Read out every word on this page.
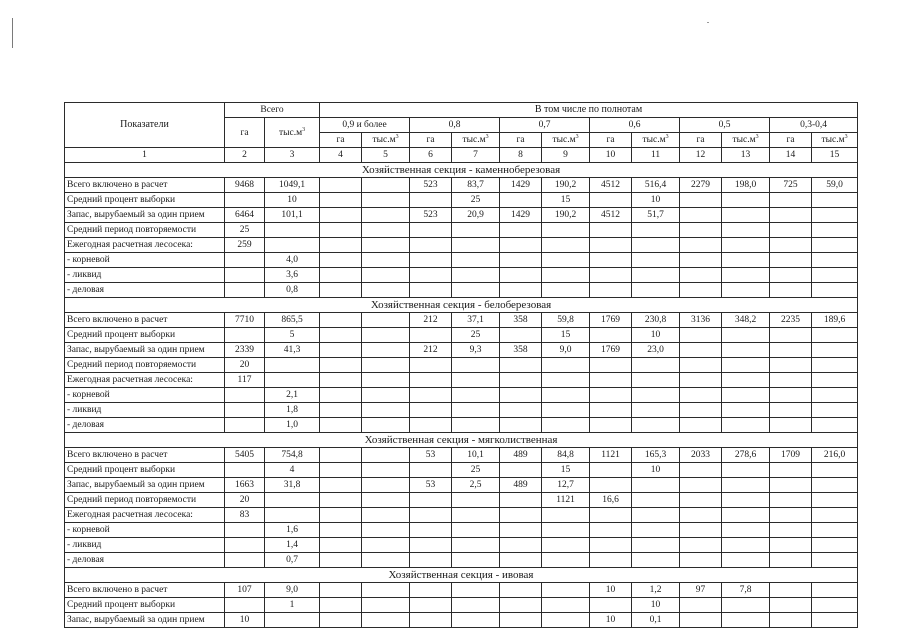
Показатели	Всего		В том числе по полнотам											
	га	$тыс.м^3$	0,9 и более		0,8		0,7		0,6		0,5		0,3-0,4	
			га	$тыс.м^3$	га	$тыс.м^3$	га	$тыс.м^3$	га	$тыс.м^3$	га	$тыс.м^3$	га	$тыс.м^3$
1	2	3	4	5	6	7	8	9	10	11	12	13	14	15
Хозяйственная секция - каменноберезовая														
Всего включено в расчет	9468	1049,1			523	83,7	1429	190,2	4512	516,4	2279	198,0	725	59,0
Средний процент выборки		10				25		15		10				
Запас, вырубаемый за один прием	6464	101,1			523	20,9	1429	190,2	4512	51,7				
Средний период повторяемости	25													
Ежегодная расчетная лесосека:	259													
- корневой		4,0												
- ликвид		3,6												
- деловая		0,8												
Хозяйственная секция - белоберезовая														
Всего включено в расчет	7710	865,5			212	37,1	358	59,8	1769	230,8	3136	348,2	2235	189,6
Средний процент выборки		5				25		15		10				
Запас, вырубаемый за один прием	2339	41,3			212	9,3	358	9,0	1769	23,0				
Средний период повторяемости	20													
Ежегодная расчетная лесосека:	117													
- корневой		2,1												
- ликвид		1,8												
- деловая		1,0												
Хозяйственная секция - мягколиственная														
Всего включено в расчет	5405	754,8			53	10,1	489	84,8	1121	165,3	2033	278,6	1709	216,0
Средний процент выборки		4				25		15		10				
Запас, вырубаемый за один прием	1663	31,8			53	2,5	489	12,7						
Средний период повторяемости	20							1121	16,6					
Ежегодная расчетная лесосека:	83													
- корневой		1,6												
- ликвид		1,4												
- деловая		0,7												
Хозяйственная секция - ивовая														
Всего включено в расчет	107	9,0							10	1,2	97	7,8		
Средний процент выборки		1								10				
Запас, вырубаемый за один прием	10								10	0,1				
